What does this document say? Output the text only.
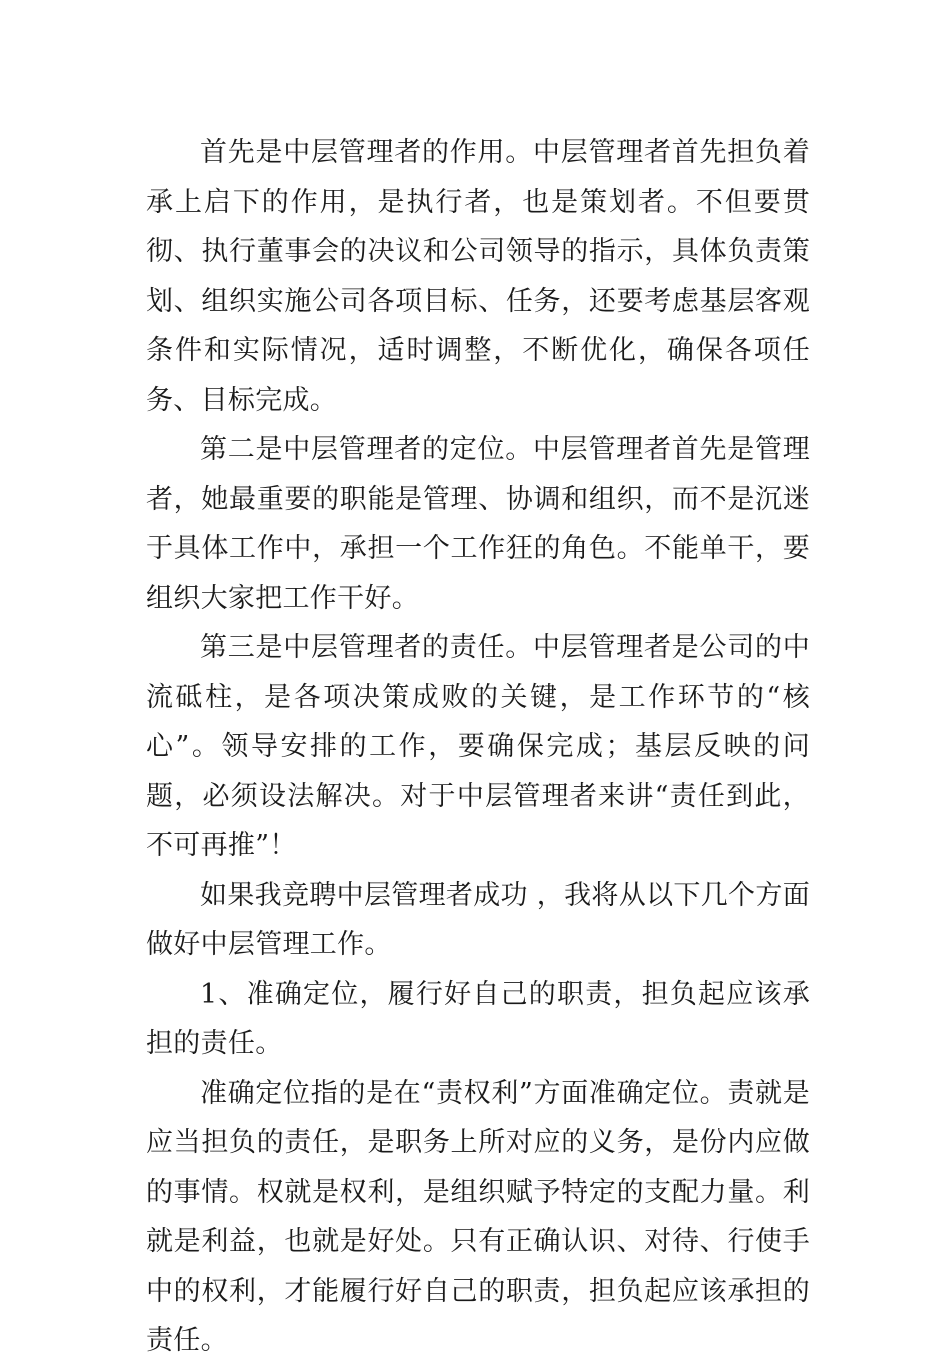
首先是中层管理者的作用。中层管理者首先担负着承上启下的作用，是执行者，也是策划者。不但要贯彻、执行董事会的决议和公司领导的指示，具体负责策划、组织实施公司各项目标、任务，还要考虑基层客观条件和实际情况，适时调整，不断优化，确保各项任务、目标完成。

第二是中层管理者的定位。中层管理者首先是管理者，她最重要的职能是管理、协调和组织，而不是沉迷于具体工作中，承担一个工作狂的角色。不能单干，要组织大家把工作干好。

第三是中层管理者的责任。中层管理者是公司的中流砥柱，是各项决策成败的关键，是工作环节的“核心”。领导安排的工作，要确保完成；基层反映的问题，必须设法解决。对于中层管理者来讲“责任到此，不可再推”！

如果我竞聘中层管理者成功 ，我将从以下几个方面做好中层管理工作。

1、准确定位，履行好自己的职责，担负起应该承担的责任。

准确定位指的是在“责权利”方面准确定位。责就是应当担负的责任，是职务上所对应的义务，是份内应做的事情。权就是权利，是组织赋予特定的支配力量。利就是利益，也就是好处。只有正确认识、对待、行使手中的权利，才能履行好自己的职责，担负起应该承担的责任。
